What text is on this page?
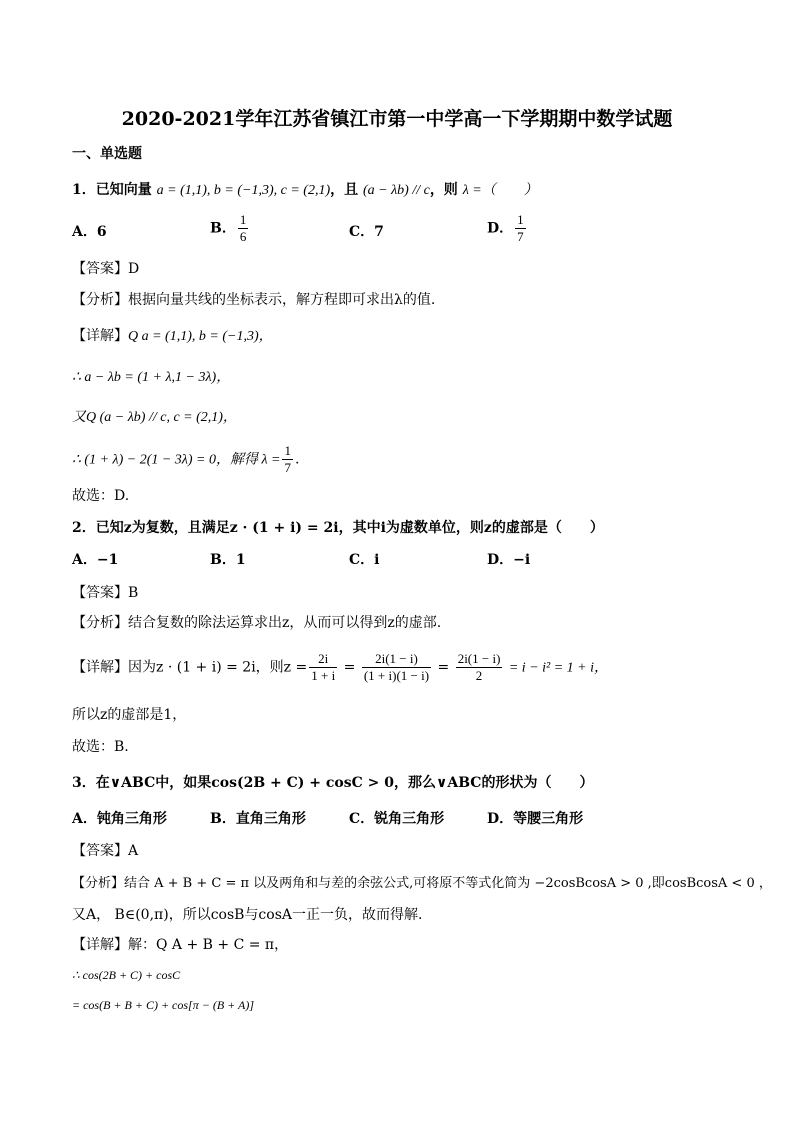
2020-2021学年江苏省镇江市第一中学高一下学期期中数学试题
一、单选题
1．已知向量 a = (1,1), b = (−1,3), c = (2,1)，且 (a − λb) // c，则 λ =（　　）
A．6	B． $\frac{1}{6}$	C．7	D． $\frac{1}{7}$
【答案】D
【分析】根据向量共线的坐标表示，解方程即可求出λ的值.
【详解】Q a = (1,1), b = (−1,3)，
∴ a − λb = (1 + λ,1 − 3λ)，
又Q (a − λb) // c, c = (2,1)，
∴ (1 + λ) − 2(1 − 3λ) = 0，解得 $\lambda = \frac{1}{7}$ .
故选：D.
2．已知z为复数，且满足z · (1 + i) = 2i，其中i为虚数单位，则z的虚部是（　　）
A．−1	B．1	C．i	D．−i
【答案】B
【分析】结合复数的除法运算求出z，从而可以得到z的虚部.
【详解】因为z · (1 + i) = 2i，则$z = \frac{2i}{1 + i} = \frac{2i(1 - i)}{(1 + i)(1 - i)} = \frac{2i(1 - i)}{2} = i - i^2 = 1 + i$，
所以z的虚部是1，
故选：B.
3．在∨ABC中，如果cos(2B + C) + cosC > 0，那么∨ABC的形状为（　　）
A．钝角三角形	B．直角三角形	C．锐角三角形	D．等腰三角形
【答案】A
【分析】结合 A + B + C = π 以及两角和与差的余弦公式,可将原不等式化简为 −2cosBcosA > 0 ,即cosBcosA < 0 ，
又A， B∈(0,π)，所以cosB与cosA一正一负，故而得解.
【详解】解：Q A + B + C = π，
∴ cos(2B + C) + cosC
= cos(B + B + C) + cos[π − (B + A)]
